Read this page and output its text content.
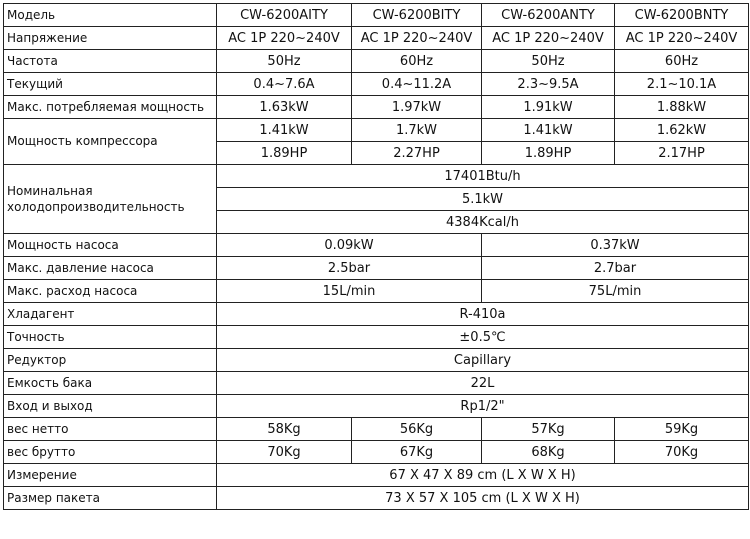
Модель	CW-6200AITY	CW-6200BITY	CW-6200ANTY	CW-6200BNTY
Напряжение	AC 1P 220~240V	AC 1P 220~240V	AC 1P 220~240V	AC 1P 220~240V
Частота	50Hz	60Hz	50Hz	60Hz
Текущий	0.4~7.6A	0.4~11.2A	2.3~9.5A	2.1~10.1A
Макс. потребляемая мощность	1.63kW	1.97kW	1.91kW	1.88kW
Мощность компрессора	1.41kW	1.7kW	1.41kW	1.62kW
	1.89HP	2.27HP	1.89HP	2.17HP
Номинальная холодопроизводительность	17401Btu/h			
	5.1kW			
	4384Kcal/h			
Мощность насоса	0.09kW		0.37kW	
Макс. давление насоса	2.5bar		2.7bar	
Макс. расход насоса	15L/min		75L/min	
Хладагент	R-410a			
Точность	±0.5℃			
Редуктор	Capillary			
Емкость бака	22L			
Вход и выход	Rp1/2"			
вес нетто	58Kg	56Kg	57Kg	59Kg
вес брутто	70Kg	67Kg	68Kg	70Kg
Измерение	67 X 47 X 89 cm (L X W X H)			
Размер пакета	73 X 57 X 105 cm (L X W X H)			
